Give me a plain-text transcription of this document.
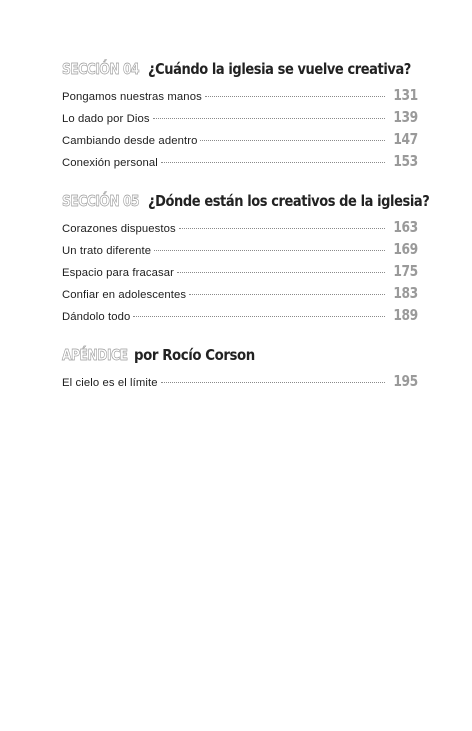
SECCIÓN 04 ¿Cuándo la iglesia se vuelve creativa?
Pongamos nuestras manos	131
Lo dado por Dios	139
Cambiando desde adentro	147
Conexión personal	153
SECCIÓN 05 ¿Dónde están los creativos de la iglesia?
Corazones dispuestos	163
Un trato diferente	169
Espacio para fracasar	175
Confiar en adolescentes	183
Dándolo todo	189
APÉNDICE por Rocío Corson
El cielo es el límite	195
